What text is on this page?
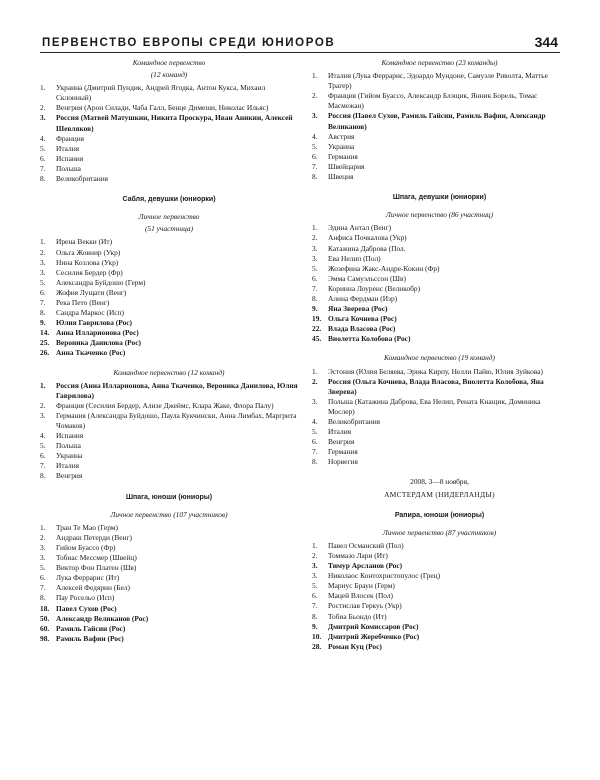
ПЕРВЕНСТВО ЕВРОПЫ СРЕДИ ЮНИОРОВ	344
Командное первенство
(12 команд)
1.	Украина (Дмитрий Пундик, Андрей Ягодка, Антон Кукса, Михаил Склонный)
2.	Венгрия (Арон Силади, Чаба Галл, Бенце Димеши, Николас Ильяс)
3.	Россия (Матвей Матушкин, Никита Проскура, Иван Аникин, Алексей Шевляков)
4.	Франция
5.	Италия
6.	Испания
7.	Польша
8.	Великобритания
Сабля, девушки (юниорки)
Личное первенство
(51 участница)
1.	Ирена Векки (Ит)
2.	Ольга Жовнир (Укр)
3.	Нина Козлова (Укр)
3.	Сесилия Бердер (Фр)
5.	Александра Буйдошо (Герм)
6.	Жофия Лущати (Венг)
7.	Река Пето (Венг)
8.	Сандра Маркос (Исп)
9.	Юлия Гаврилова (Рос)
14. Анна Илларионова (Рос)
25. Вероника Данилова (Рос)
26. Анна Ткаченко (Рос)
Командное первенство (12 команд)
1.	Россия (Анна Илларионова, Анна Ткаченко, Вероника Данилова, Юлия Гаврилова)
2.	Франция (Сесилия Бердер, Ализе Джеймс, Клара Жаке, Флора Палу)
3.	Германия (Александра Буйдошо, Паула Кукчински, Анна Лимбах, Маргрита Чомаков)
4.	Испания
5.	Польша
6.	Украина
7.	Италия
8.	Венгрия
Шпага, юноши (юниоры)
Личное первенство (107 участников)
1.	Тран Те Мао (Герм)
2.	Андраш Петерди (Венг)
3.	Гийом Буассо (Фр)
3.	Тобиас Мессмер (Швейц)
5.	Виктор Фон Платен (Шв)
6.	Лука Феррарис (Ит)
7.	Алексей Федярин (Бел)
8.	Пау Росельо (Исп)
18. Павел Сухов (Рос)
50. Александр Великанов (Рос)
60. Рамиль Гайсин (Рос)
98. Рамиль Вафин (Рос)
Командное первенство (23 команды)
1.	Италия (Лука Феррарис, Эдоардо Мундоне, Самуэле Риволта, Маттье Трагер)
2.	Франция (Гийом Буассо, Александр Блэщик, Янник Борель, Томас Масмежан)
3.	Россия (Павел Сухов, Рамиль Гайсин, Рамиль Вафин, Александр Великанов)
4.	Австрия
5.	Украина
6.	Германия
7.	Швейцария
8.	Швеция
Шпага, девушки (юниорки)
Личное первенство (86 участниц)
1.	Эдина Антал (Венг)
2.	Анфиса Почкалова (Укр)
3.	Катажина Даброва (Пол.
3.	Ева Нелип (Пол)
5.	Жозефина Жакс-Андре-Кокин (Фр)
6.	Эмма Самуэльссон (Шв)
7.	Коринна Лоуренс (Великобр)
8.	Алина Фердман (Изр)
9.	Яна Зверева (Рос)
19. Ольга Кочнева (Рос)
22. Влада Власова (Рос)
45. Виолетта Колобова (Рос)
Командное первенство (19 команд)
1.	Эстония (Юлия Беляева, Эрика Кирпу, Нелли Пайю, Юлия Зуйкова)
2.	Россия (Ольга Кочнева, Влада Власова, Виолетта Колобова, Яна Зверева)
3.	Польша (Катажина Даброва, Ева Нелип, Рената Кнащик, Доминика Мослер)
4.	Великобритания
5.	Италия
6.	Венгрия
7.	Германия
8.	Норвегия
2008, 3—8 ноября,
АМСТЕРДАМ (НИДЕРЛАНДЫ)
Рапира, юноши (юниоры)
Личное первенство (87 участников)
1.	Павел Османский (Пол)
2.	Томмазо Лари (Ит)
3.	Тимур Арсланов (Рос)
3.	Николаос Контохристопулос (Грец)
5.	Мариус Браун (Герм)
6.	Мацей Влосек (Пол)
7.	Ростислав Геркуь (Укр)
8.	Тобиа Бьондо (Ит)
9.	Дмитрий Комиссаров (Рос)
10. Дмитрий Жеребченко (Рос)
28. Роман Куц (Рос)
